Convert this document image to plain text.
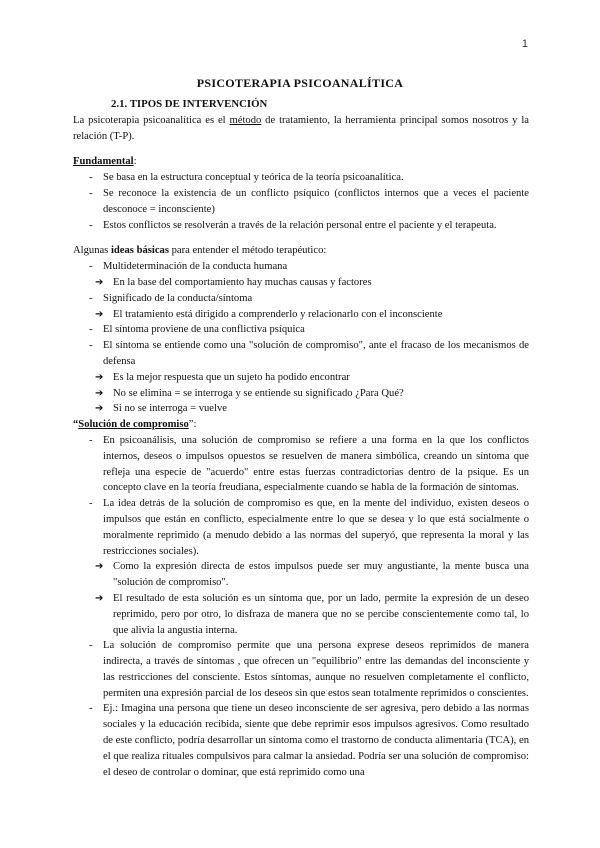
1
PSICOTERAPIA PSICOANALÍTICA
2.1. TIPOS DE INTERVENCIÓN

La psicoterapia psicoanalítica es el método de tratamiento, la herramienta principal somos nosotros y la relación (T-P).

Fundamental:

- Se basa en la estructura conceptual y teórica de la teoría psicoanalítica.
- Se reconoce la existencia de un conflicto psíquico (conflictos internos que a veces el paciente desconoce = inconsciente)
- Estos conflictos se resolverán a través de la relación personal entre el paciente y el terapeuta.

Algunas ideas básicas para entender el método terapéutico:

- Multideterminación de la conducta humana
➔ En la base del comportamiento hay muchas causas y factores
- Significado de la conducta/síntoma
➔ El tratamiento está dirigido a comprenderlo y relacionarlo con el inconsciente
- El síntoma proviene de una conflictiva psíquica
- El síntoma se entiende como una "solución de compromiso", ante el fracaso de los mecanismos de defensa
➔ Es la mejor respuesta que un sujeto ha podido encontrar
➔ No se elimina = se interroga y se entiende su significado ¿Para Qué?
➔ Si no se interroga = vuelve

“Solución de compromiso”:

- En psicoanálisis, una solución de compromiso se refiere a una forma en la que los conflictos internos, deseos o impulsos opuestos se resuelven de manera simbólica, creando un síntoma que refleja una especie de "acuerdo" entre estas fuerzas contradictorias dentro de la psique. Es un concepto clave en la teoría freudiana, especialmente cuando se habla de la formación de síntomas.
- La idea detrás de la solución de compromiso es que, en la mente del individuo, existen deseos o impulsos que están en conflicto, especialmente entre lo que se desea y lo que está socialmente o moralmente reprimido (a menudo debido a las normas del superyó, que representa la moral y las restricciones sociales).
➔ Como la expresión directa de estos impulsos puede ser muy angustiante, la mente busca una "solución de compromiso".
➔ El resultado de esta solución es un síntoma que, por un lado, permite la expresión de un deseo reprimido, pero por otro, lo disfraza de manera que no se percibe conscientemente como tal, lo que alivia la angustia interna.
- La solución de compromiso permite que una persona exprese deseos reprimidos de manera indirecta, a través de síntomas , que ofrecen un "equilibrio" entre las demandas del inconsciente y las restricciones del consciente. Estos síntomas, aunque no resuelven completamente el conflicto, permiten una expresión parcial de los deseos sin que estos sean totalmente reprimidos o conscientes.
- Ej.: Imagina una persona que tiene un deseo inconsciente de ser agresiva, pero debido a las normas sociales y la educación recibida, siente que debe reprimir esos impulsos agresivos. Como resultado de este conflicto, podría desarrollar un síntoma como el trastorno de conducta alimentaria (TCA), en el que realiza rituales compulsivos para calmar la ansiedad. Podría ser una solución de compromiso: el deseo de controlar o dominar, que está reprimido como una
